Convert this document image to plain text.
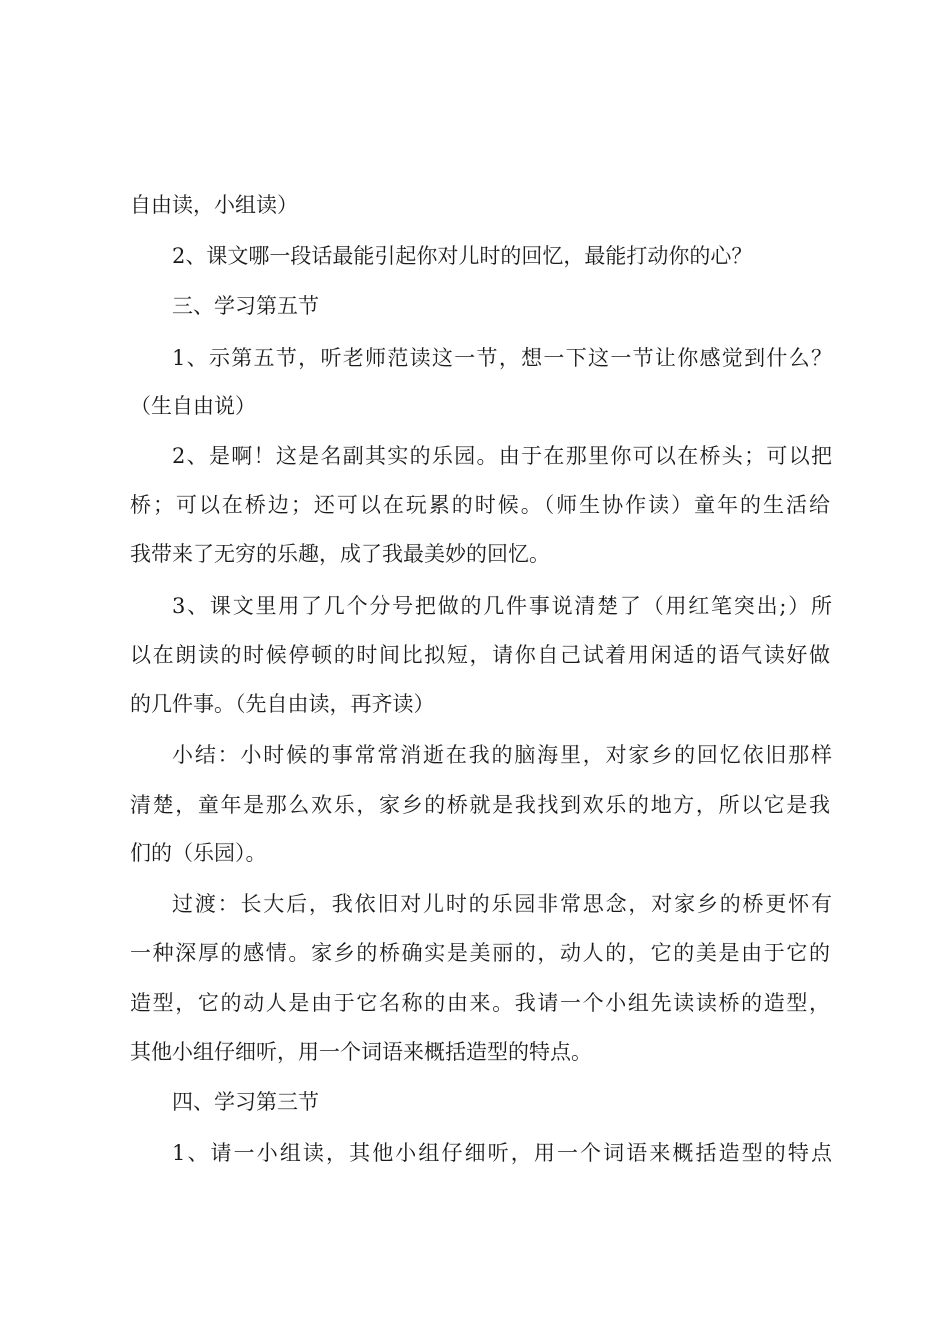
自由读，小组读）
2、课文哪一段话最能引起你对儿时的回忆，最能打动你的心？
三、学习第五节
1、示第五节，听老师范读这一节，想一下这一节让你感觉到什么？
（生自由说）
2、是啊！这是名副其实的乐园。由于在那里你可以在桥头；可以把
桥；可以在桥边；还可以在玩累的时候。（师生协作读）童年的生活给
我带来了无穷的乐趣，成了我最美妙的回忆。
3、课文里用了几个分号把做的几件事说清楚了（用红笔突出;）所
以在朗读的时候停顿的时间比拟短，请你自己试着用闲适的语气读好做
的几件事。（先自由读，再齐读）
小结：小时候的事常常消逝在我的脑海里，对家乡的回忆依旧那样
清楚，童年是那么欢乐，家乡的桥就是我找到欢乐的地方，所以它是我
们的（乐园）。
过渡：长大后，我依旧对儿时的乐园非常思念，对家乡的桥更怀有
一种深厚的感情。家乡的桥确实是美丽的，动人的，它的美是由于它的
造型，它的动人是由于它名称的由来。我请一个小组先读读桥的造型，
其他小组仔细听，用一个词语来概括造型的特点。
四、学习第三节
1、请一小组读，其他小组仔细听，用一个词语来概括造型的特点
